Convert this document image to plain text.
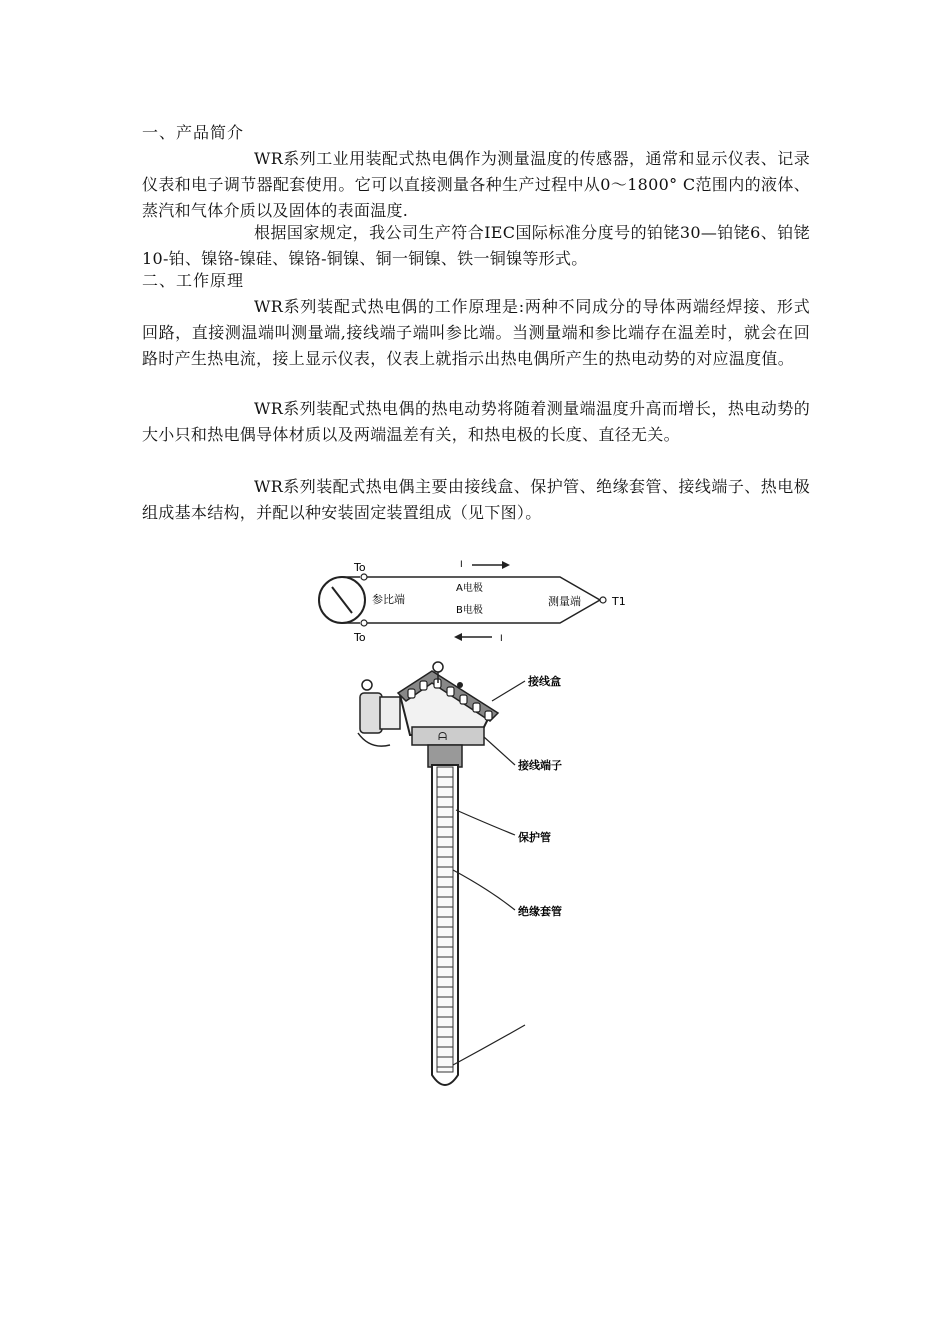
一、产品简介
WR系列工业用装配式热电偶作为测量温度的传感器，通常和显示仪表、记录仪表和电子调节器配套使用。它可以直接测量各种生产过程中从0～1800° C范围内的液体、蒸汽和气体介质以及固体的表面温度.
根据国家规定，我公司生产符合IEC国际标准分度号的铂铑30—铂铑6、铂铑10-铂、镍铬-镍硅、镍铬-铜镍、铜一铜镍、铁一铜镍等形式。
二、工作原理
WR系列装配式热电偶的工作原理是:两种不同成分的导体两端经焊接、形式回路，直接测温端叫测量端,接线端子端叫参比端。当测量端和参比端存在温差时，就会在回路时产生热电流，接上显示仪表，仪表上就指示出热电偶所产生的热电动势的对应温度值。
WR系列装配式热电偶的热电动势将随着测量端温度升高而增长，热电动势的大小只和热电偶导体材质以及两端温差有关，和热电极的长度、直径无关。
WR系列装配式热电偶主要由接线盒、保护管、绝缘套管、接线端子、热电极组成基本结构，并配以种安装固定装置组成（见下图）。
To
To
参比端
A电极
B电极
测量端	T1
I
I
ᗩ
接线盒
接线端子
保护管
绝缘套管
